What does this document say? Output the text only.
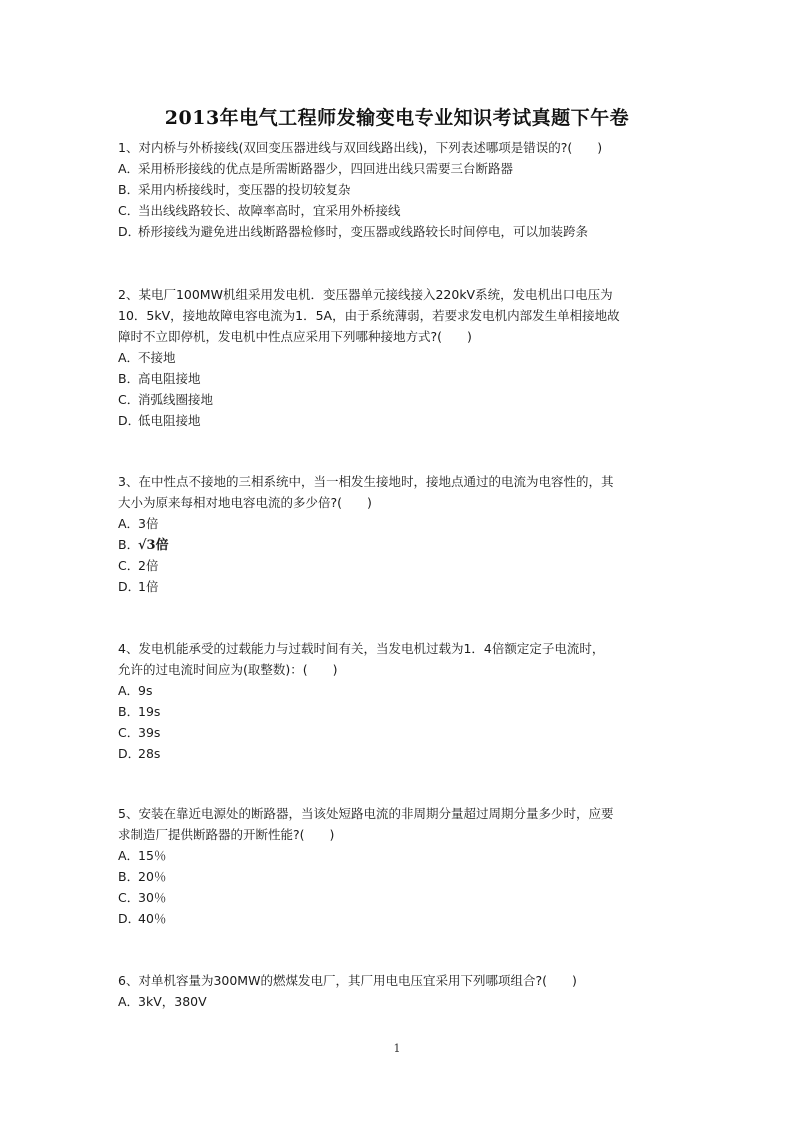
2013年电气工程师发输变电专业知识考试真题下午卷
1、对内桥与外桥接线(双回变压器进线与双回线路出线)，下列表述哪项是错误的?(　　)
A．采用桥形接线的优点是所需断路器少，四回进出线只需要三台断路器
B．采用内桥接线时，变压器的投切较复杂
C．当出线线路较长、故障率高时，宜采用外桥接线
D．桥形接线为避免进出线断路器检修时，变压器或线路较长时间停电，可以加装跨条
2、某电厂100MW机组采用发电机．变压器单元接线接入220kV系统，发电机出口电压为
10．5kV，接地故障电容电流为1．5A，由于系统薄弱，若要求发电机内部发生单相接地故
障时不立即停机，发电机中性点应采用下列哪种接地方式?(　　)
A．不接地
B．高电阻接地
C．消弧线圈接地
D．低电阻接地
3、在中性点不接地的三相系统中，当一相发生接地时，接地点通过的电流为电容性的，其
大小为原来每相对地电容电流的多少倍?(　　)
A．3倍
B．√3倍
C．2倍
D．1倍
4、发电机能承受的过载能力与过载时间有关，当发电机过载为1．4倍额定定子电流时，
允许的过电流时间应为(取整数)：(　　)
A．9s
B．19s
C．39s
D．28s
5、安装在靠近电源处的断路器，当该处短路电流的非周期分量超过周期分量多少时，应要
求制造厂提供断路器的开断性能?(　　)
A．15％
B．20％
C．30％
D．40％
6、对单机容量为300MW的燃煤发电厂，其厂用电电压宜采用下列哪项组合?(　　)
A．3kV，380V
1
